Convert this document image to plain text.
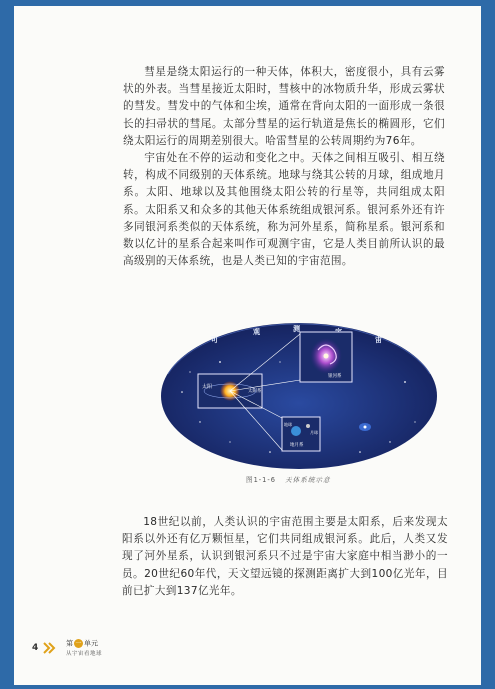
彗星是绕太阳运行的一种天体，体积大，密度很小，具有云雾状的外表。当彗星接近太阳时，彗核中的冰物质升华，形成云雾状的彗发。彗发中的气体和尘埃，通常在背向太阳的一面形成一条很长的扫帚状的彗尾。太部分彗星的运行轨道是焦长的椭圆形，它们绕太阳运行的周期差别很大。哈雷彗星的公转周期约为76年。

宇宙处在不停的运动和变化之中。天体之间相互吸引、相互绕转，构成不同级别的天体系统。地球与绕其公转的月球，组成地月系。太阳、地球以及其他围绕太阳公转的行星等，共同组成太阳系。太阳系又和众多的其他天体系统组成银河系。银河系外还有许多同银河系类似的天体系统，称为河外星系，简称星系。银河系和数以亿计的星系合起来叫作可观测宇宙，它是人类目前所认识的最高级别的天体系统，也是人类已知的宇宙范围。

可
观	测
宙
太阳
太阳系
银河系
地球
月球
地月系
图1-1-6 天体系统示意

18世纪以前，人类认识的宇宙范围主要是太阳系，后来发现太阳系以外还有亿万颗恒星，它们共同组成银河系。此后，人类又发现了河外星系，认识到银河系只不过是宇宙大家庭中相当渺小的一员。20世纪60年代，天文望远镜的探测距离扩大到100亿光年，目前已扩大到137亿光年。

4	第 一 单元
从宇宙看地球
